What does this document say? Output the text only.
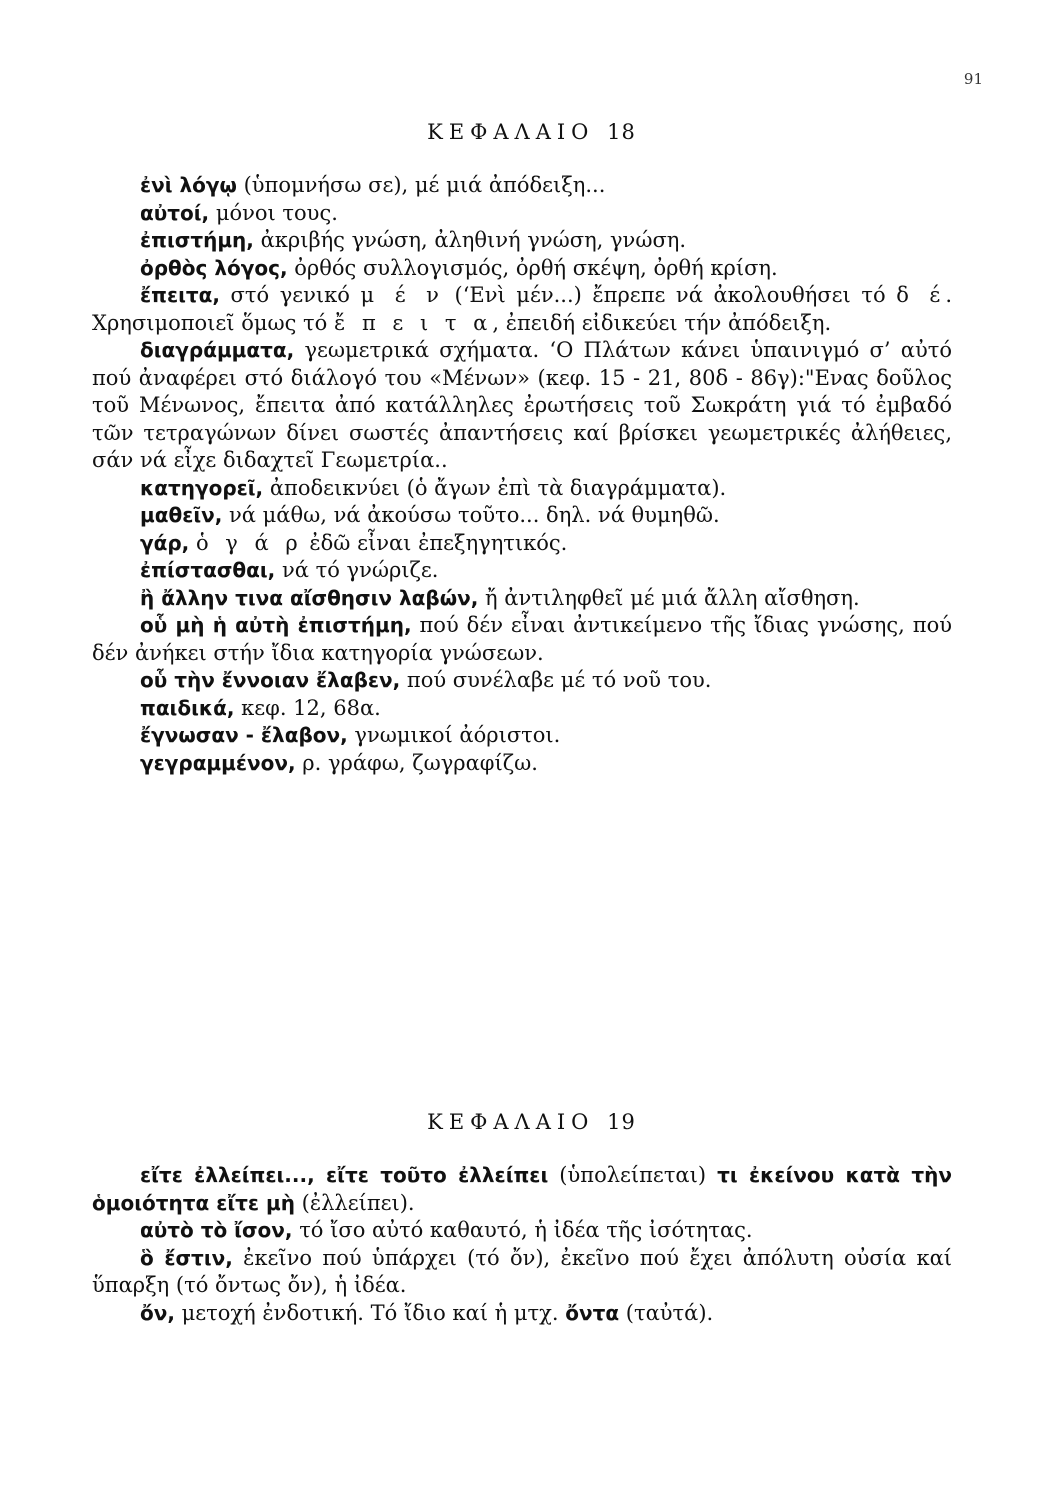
91
ΚΕΦΑΛΑΙΟ 18

ἐνὶ λόγῳ (ὑπομνήσω σε), μέ μιά ἀπόδειξη...

αὐτοί, μόνοι τους.

ἐπιστήμη, ἀκριβής γνώση, ἀληθινή γνώση, γνώση.

ὀρθὸς λόγος, ὀρθός συλλογισμός, ὀρθή σκέψη, ὀρθή κρίση.

ἔπειτα, στό γενικό μ έ ν (‘Ενὶ μέν...) ἔπρεπε νά ἀκολουθήσει τό δ έ. Χρησιμοποιεῖ ὅμως τό ἔ π ε ι τ α, ἐπειδή εἰδικεύει τήν ἀπόδειξη.

διαγράμματα, γεωμετρικά σχήματα. ‘Ο Πλάτων κάνει ὑπαινιγμό σ’ αὐτό πού ἀναφέρει στό διάλογό του «Μένων» (κεφ. 15 - 21, 80δ - 86γ):"Ενας δοῦλος τοῦ Μένωνος, ἔπειτα ἀπό κατάλληλες ἐρωτήσεις τοῦ Σωκράτη γιά τό ἐμβαδό τῶν τετραγώνων δίνει σωστές ἀπαντήσεις καί βρίσκει γεωμετρικές ἀλήθειες, σάν νά εἶχε διδαχτεῖ Γεωμετρία..

κατηγορεῖ, ἀποδεικνύει (ὁ ἄγων ἐπὶ τὰ διαγράμματα).

μαθεῖν, νά μάθω, νά ἀκούσω τοῦτο... δηλ. νά θυμηθῶ.

γάρ, ὁ γ ά ρ ἐδῶ εἶναι ἐπεξηγητικός.

ἐπίστασθαι, νά τό γνώριζε.

ἢ ἄλλην τινα αἴσθησιν λαβών, ἤ ἀντιληφθεῖ μέ μιά ἄλλη αἴσθηση.

οὗ μὴ ἡ αὐτὴ ἐπιστήμη, πού δέν εἶναι ἀντικείμενο τῆς ἴδιας γνώσης, πού δέν ἀνήκει στήν ἴδια κατηγορία γνώσεων.

οὗ τὴν ἔννοιαν ἔλαβεν, πού συνέλαβε μέ τό νοῦ του.

παιδικά, κεφ. 12, 68α.

ἔγνωσαν - ἔλαβον, γνωμικοί ἀόριστοι.

γεγραμμένον, ρ. γράφω, ζωγραφίζω.

ΚΕΦΑΛΑΙΟ 19

εἴτε ἐλλείπει..., εἴτε τοῦτο ἐλλείπει (ὑπολείπεται) τι ἐκείνου κατὰ τὴν ὁμοιότητα εἴτε μὴ (ἐλλείπει).

αὐτὸ τὸ ἴσον, τό ἴσο αὐτό καθαυτό, ἡ ἰδέα τῆς ἰσότητας.

ὃ ἔστιν, ἐκεῖνο πού ὑπάρχει (τό ὄν), ἐκεῖνο πού ἔχει ἀπόλυτη οὐσία καί ὕπαρξη (τό ὄντως ὄν), ἡ ἰδέα.

ὄν, μετοχή ἐνδοτική. Τό ἴδιο καί ἡ μτχ. ὄντα (ταὐτά).
